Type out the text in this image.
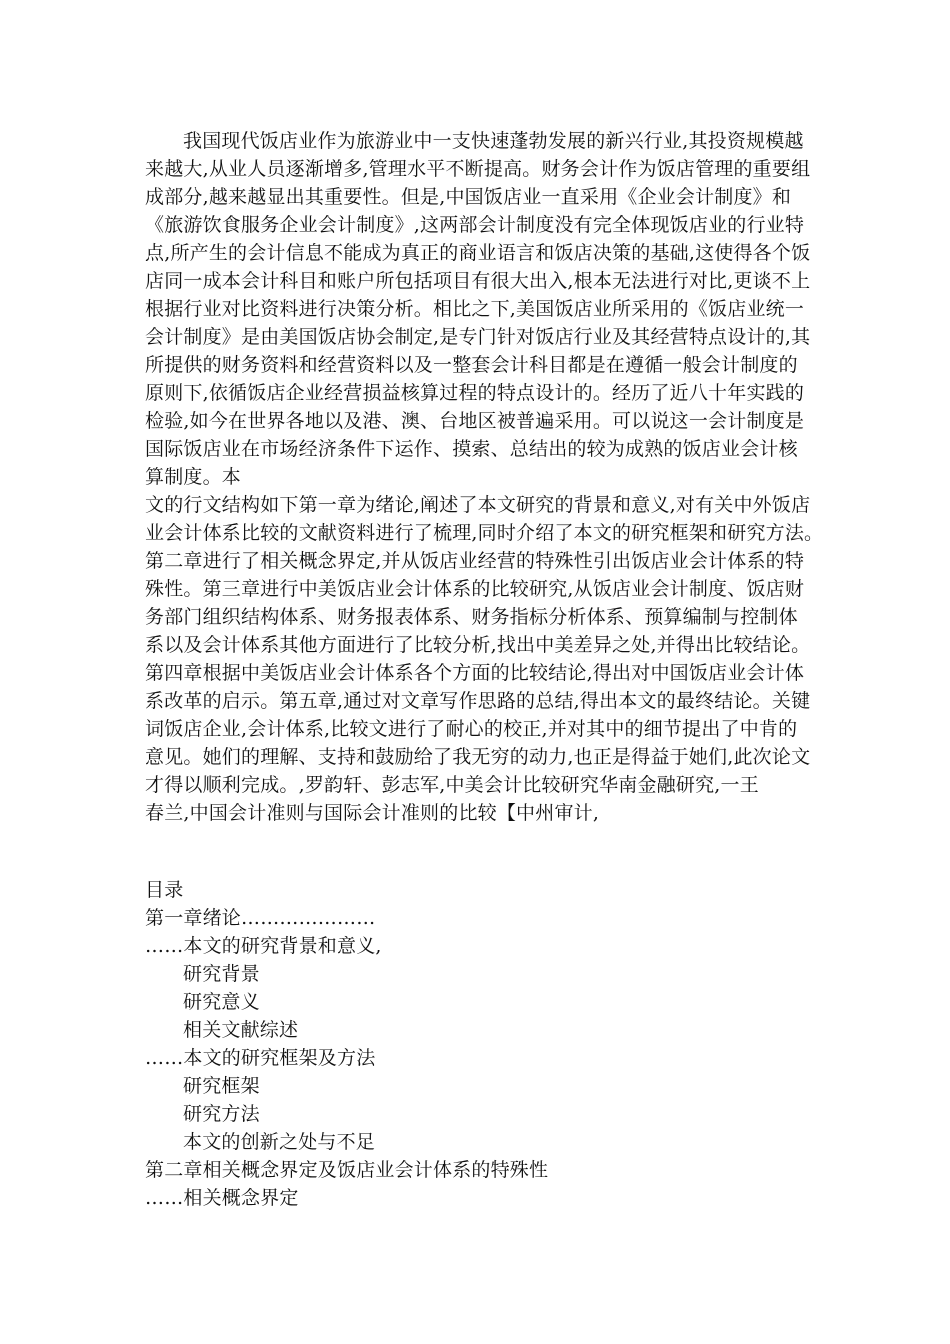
我国现代饭店业作为旅游业中一支快速蓬勃发展的新兴行业,其投资规模越
来越大,从业人员逐渐增多,管理水平不断提高。财务会计作为饭店管理的重要组
成部分,越来越显出其重要性。但是,中国饭店业一直采用《企业会计制度》和
《旅游饮食服务企业会计制度》,这两部会计制度没有完全体现饭店业的行业特
点,所产生的会计信息不能成为真正的商业语言和饭店决策的基础,这使得各个饭
店同一成本会计科目和账户所包括项目有很大出入,根本无法进行对比,更谈不上
根据行业对比资料进行决策分析。相比之下,美国饭店业所采用的《饭店业统一
会计制度》是由美国饭店协会制定,是专门针对饭店行业及其经营特点设计的,其
所提供的财务资料和经营资料以及一整套会计科目都是在遵循一般会计制度的
原则下,依循饭店企业经营损益核算过程的特点设计的。经历了近八十年实践的
检验,如今在世界各地以及港、澳、台地区被普遍采用。可以说这一会计制度是
国际饭店业在市场经济条件下运作、摸索、总结出的较为成熟的饭店业会计核
算制度。本
文的行文结构如下第一章为绪论,阐述了本文研究的背景和意义,对有关中外饭店
业会计体系比较的文献资料进行了梳理,同时介绍了本文的研究框架和研究方法。
第二章进行了相关概念界定,并从饭店业经营的特殊性引出饭店业会计体系的特
殊性。第三章进行中美饭店业会计体系的比较研究,从饭店业会计制度、饭店财
务部门组织结构体系、财务报表体系、财务指标分析体系、预算编制与控制体
系以及会计体系其他方面进行了比较分析,找出中美差异之处,并得出比较结论。
第四章根据中美饭店业会计体系各个方面的比较结论,得出对中国饭店业会计体
系改革的启示。第五章,通过对文章写作思路的总结,得出本文的最终结论。关键
词饭店企业,会计体系,比较文进行了耐心的校正,并对其中的细节提出了中肯的
意见。她们的理解、支持和鼓励给了我无穷的动力,也正是得益于她们,此次论文
才得以顺利完成。,罗韵轩、彭志军,中美会计比较研究华南金融研究,一王
春兰,中国会计准则与国际会计准则的比较【中州审计,
目录
第一章绪论…………………
……本文的研究背景和意义,
研究背景
研究意义
相关文献综述
……本文的研究框架及方法
研究框架
研究方法
本文的创新之处与不足
第二章相关概念界定及饭店业会计体系的特殊性
……相关概念界定
